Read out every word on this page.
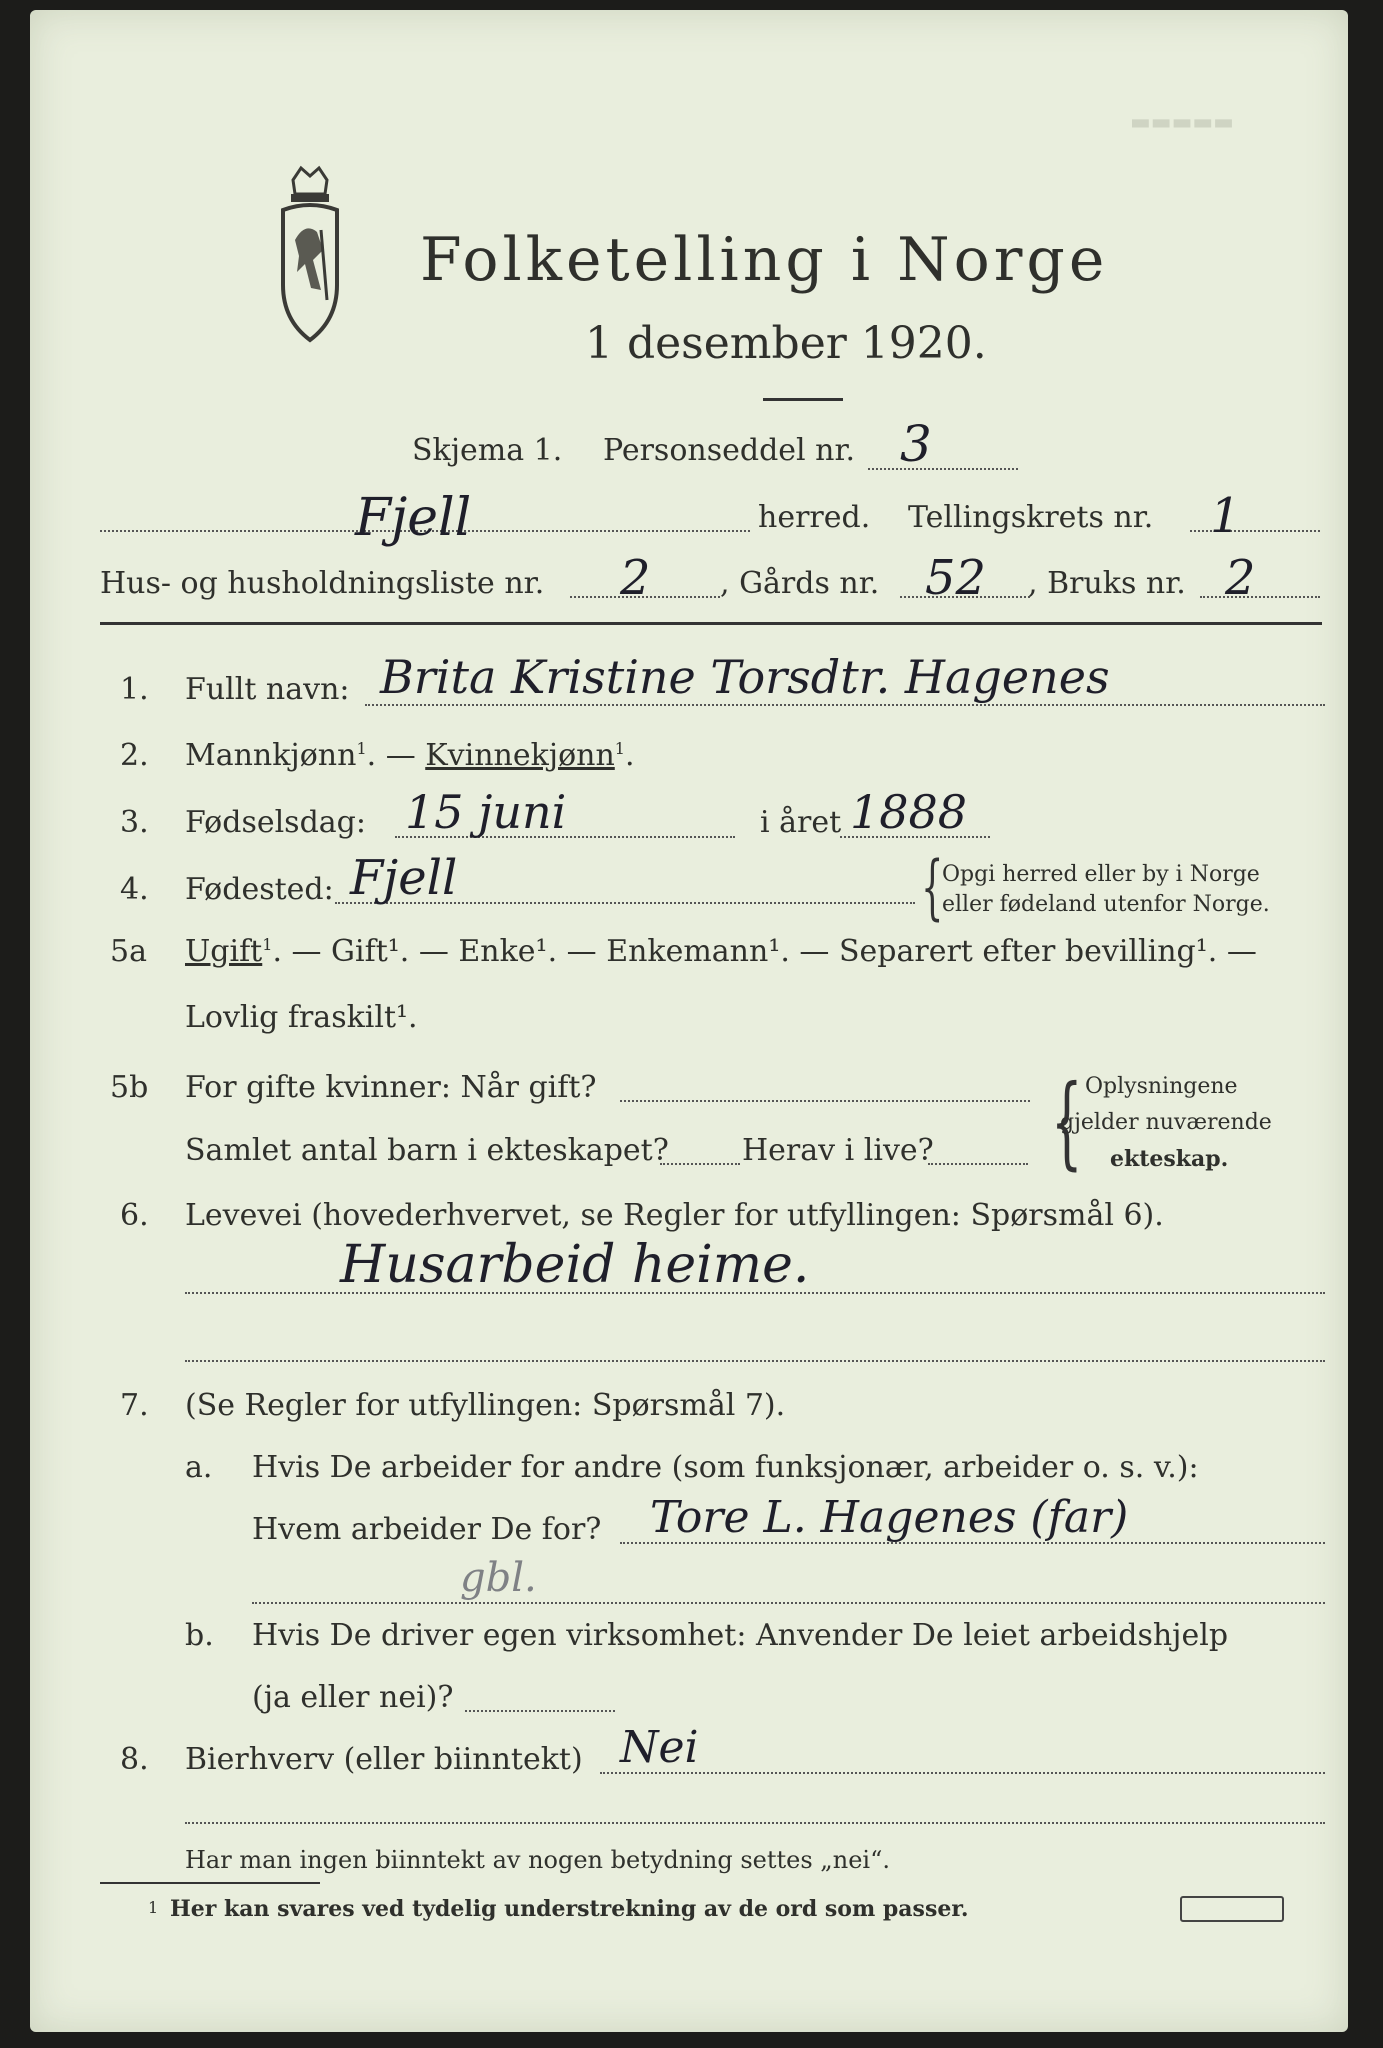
▬▬▬▬▬
Folketelling i Norge
1 desember 1920.
Skjema 1. Personseddel nr. 3
Fjell	herred. Tellingskrets nr. 1
Hus- og husholdningsliste nr. 2 , Gårds nr. 52 , Bruks nr. 2
1. Fullt navn: Brita Kristine Torsdtr. Hagenes
2. Mannkjønn$^1$. — Kvinnekjønn$^1$.
3. Fødselsdag: 15 juni	i året 1888
4. Fødested: Fjell	{
Opgi herred eller by i Norge
eller fødeland utenfor Norge.
5a Ugift$^1$. — Gift¹. — Enke¹. — Enkemann¹. — Separert efter bevilling¹. —
Lovlig fraskilt¹.
5b For gifte kvinner: Når gift?
Samlet antal barn i ekteskapet? Herav i live? { Oplysningene
gjelder nuværende
ekteskap.
6. Levevei (hovederhvervet, se Regler for utfyllingen: Spørsmål 6).
Husarbeid heime.
7. (Se Regler for utfyllingen: Spørsmål 7).
a. Hvis De arbeider for andre (som funksjonær, arbeider o. s. v.):
Hvem arbeider De for? Tore L. Hagenes (far)
gbl.
b. Hvis De driver egen virksomhet: Anvender De leiet arbeidshjelp
(ja eller nei)?
8. Bierhverv (eller biinntekt) Nei
Har man ingen biinntekt av nogen betydning settes „nei“.
1 Her kan svares ved tydelig understrekning av de ord som passer.
